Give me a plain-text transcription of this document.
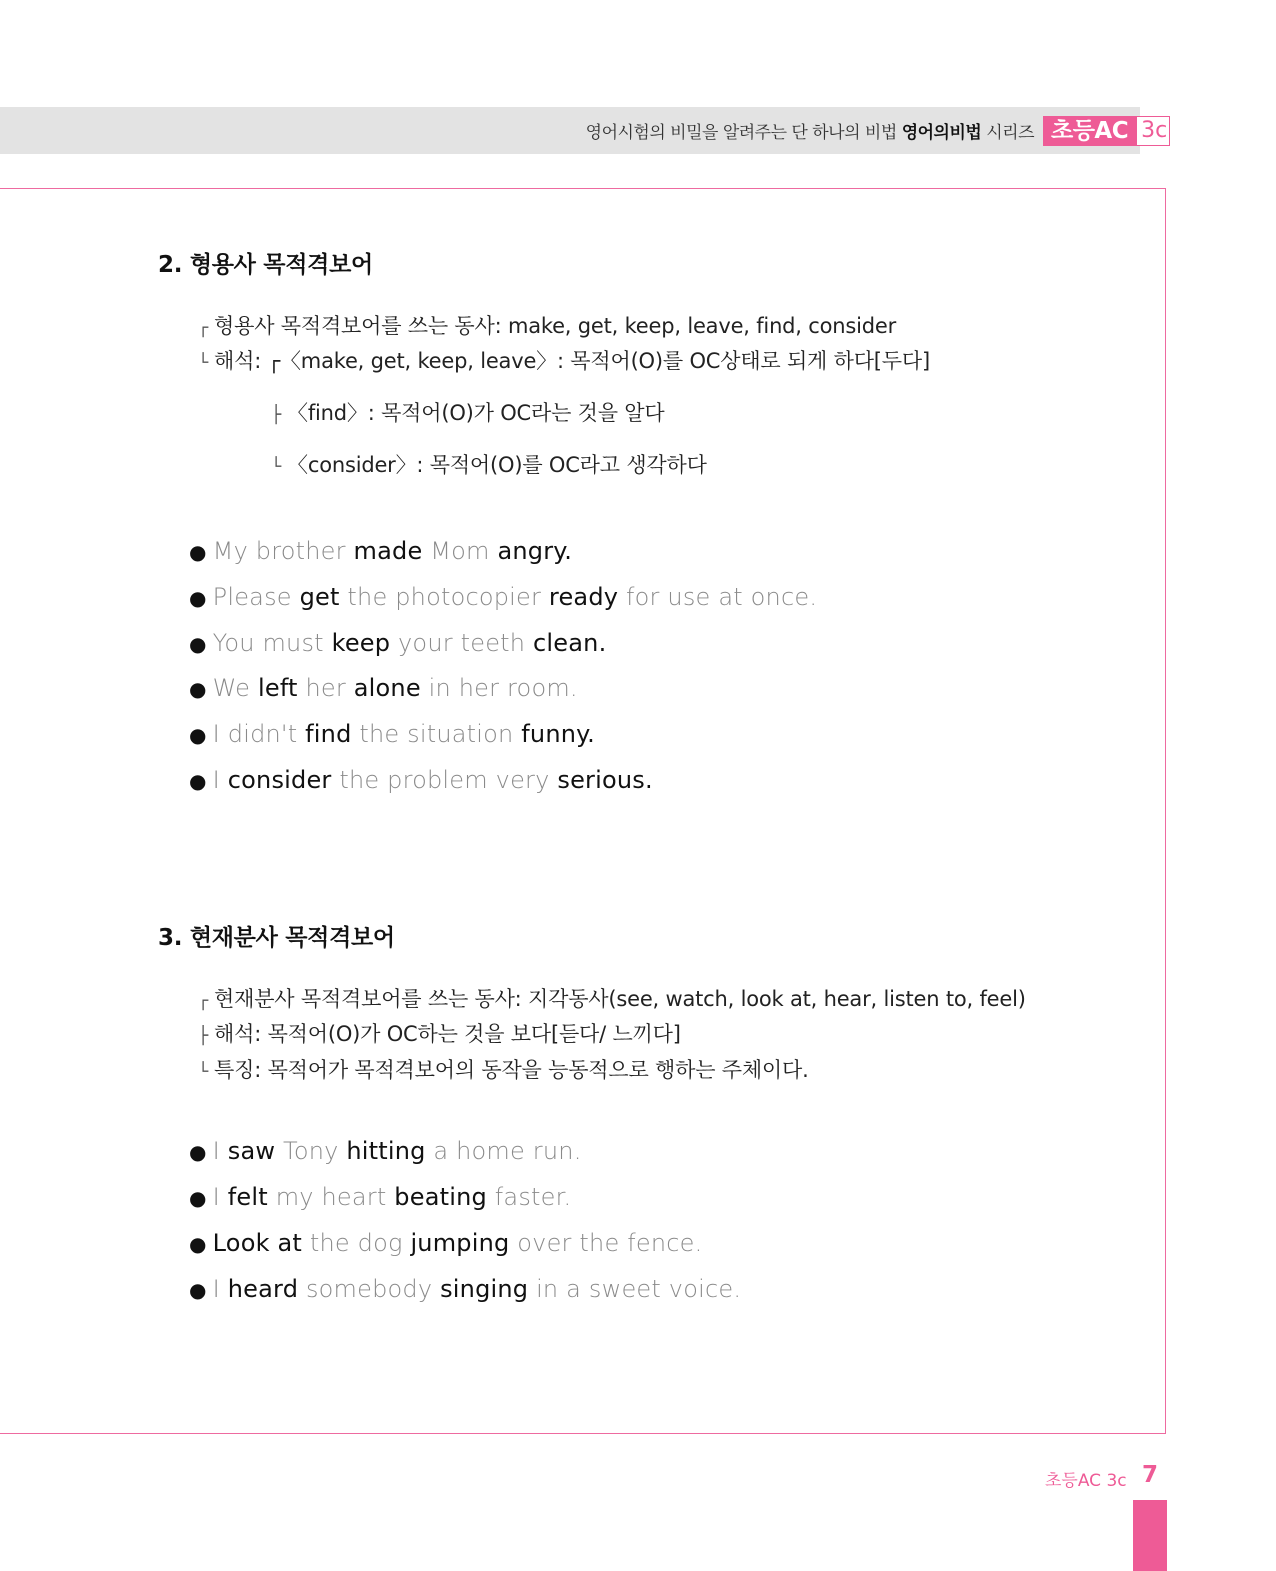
영어시험의 비밀을 알려주는 단 하나의 비법 영어의비법 시리즈 초등AC 3c
2. 형용사 목적격보어
┌ 형용사 목적격보어를 쓰는 동사: make, get, keep, leave, find, consider
└ 해석: ┌〈make, get, keep, leave〉: 목적어(O)를 OC상태로 되게 하다[두다]
├ 〈find〉: 목적어(O)가 OC라는 것을 알다
└ 〈consider〉: 목적어(O)를 OC라고 생각하다
● My brother made Mom angry.
● Please get the photocopier ready for use at once.
● You must keep your teeth clean.
● We left her alone in her room.
● I didn't find the situation funny.
● I consider the problem very serious.
3. 현재분사 목적격보어
┌ 현재분사 목적격보어를 쓰는 동사: 지각동사(see, watch, look at, hear, listen to, feel)
├ 해석: 목적어(O)가 OC하는 것을 보다[듣다/ 느끼다]
└ 특징: 목적어가 목적격보어의 동작을 능동적으로 행하는 주체이다.
● I saw Tony hitting a home run.
● I felt my heart beating faster.
● Look at the dog jumping over the fence.
● I heard somebody singing in a sweet voice.
초등AC 3c 7
